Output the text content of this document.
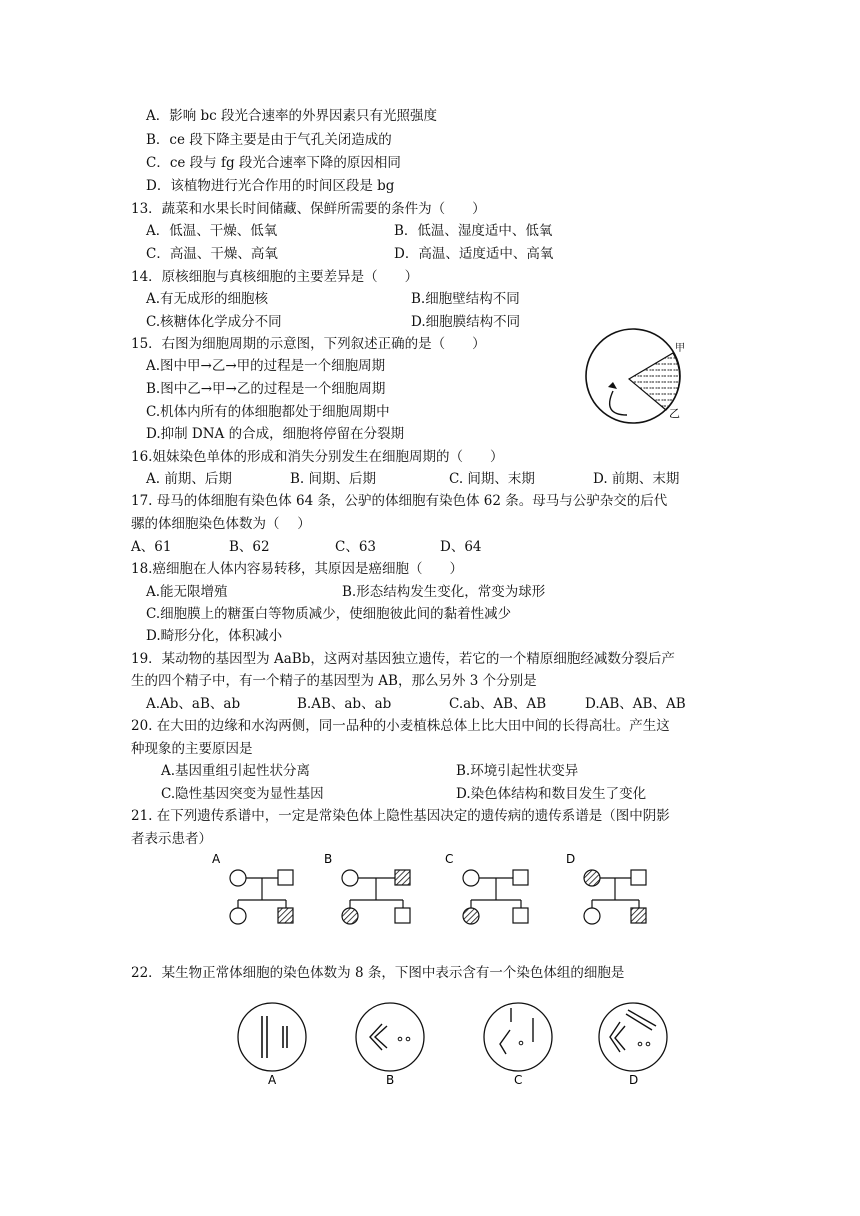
A．影响 bc 段光合速率的外界因素只有光照强度
B．ce 段下降主要是由于气孔关闭造成的
C．ce 段与 fg 段光合速率下降的原因相同
D．该植物进行光合作用的时间区段是 bg
13．蔬菜和水果长时间储藏、保鲜所需要的条件为（　　）
A．低温、干燥、低氧	B．低温、湿度适中、低氧
C．高温、干燥、高氧	D．高温、适度适中、高氧
14．原核细胞与真核细胞的主要差异是（　　）
A.有无成形的细胞核	B.细胞壁结构不同
C.核糖体化学成分不同	D.细胞膜结构不同
15．右图为细胞周期的示意图，下列叙述正确的是（　　）
A.图中甲→乙→甲的过程是一个细胞周期
B.图中乙→甲→乙的过程是一个细胞周期
C.机体内所有的体细胞都处于细胞周期中
D.抑制 DNA 的合成，细胞将停留在分裂期
甲
乙
16.姐妹染色单体的形成和消失分别发生在细胞周期的（　　）
A. 前期、后期	B. 间期、后期	C. 间期、末期	D. 前期、末期
17. 母马的体细胞有染色体 64 条，公驴的体细胞有染色体 62 条。母马与公驴杂交的后代
骡的体细胞染色体数为（　 ）
A、61	B、62	C、63	D、64
18.癌细胞在人体内容易转移，其原因是癌细胞（　　）
A.能无限增殖	B.形态结构发生变化，常变为球形
C.细胞膜上的糖蛋白等物质减少，使细胞彼此间的黏着性减少
D.畸形分化，体积减小
19．某动物的基因型为 AaBb，这两对基因独立遗传，若它的一个精原细胞经减数分裂后产
生的四个精子中，有一个精子的基因型为 AB，那么另外 3 个分别是
A.Ab、aB、ab	B.AB、ab、ab	C.ab、AB、AB	D.AB、AB、AB
20. 在大田的边缘和水沟两侧，同一品种的小麦植株总体上比大田中间的长得高壮。产生这
种现象的主要原因是
A.基因重组引起性状分离	B.环境引起性状变异
C.隐性基因突变为显性基因	D.染色体结构和数目发生了变化
21. 在下列遗传系谱中，一定是常染色体上隐性基因决定的遗传病的遗传系谱是（图中阴影
者表示患者）
A	B	C	D
22．某生物正常体细胞的染色体数为 8 条，下图中表示含有一个染色体组的细胞是
A	B	C	D
